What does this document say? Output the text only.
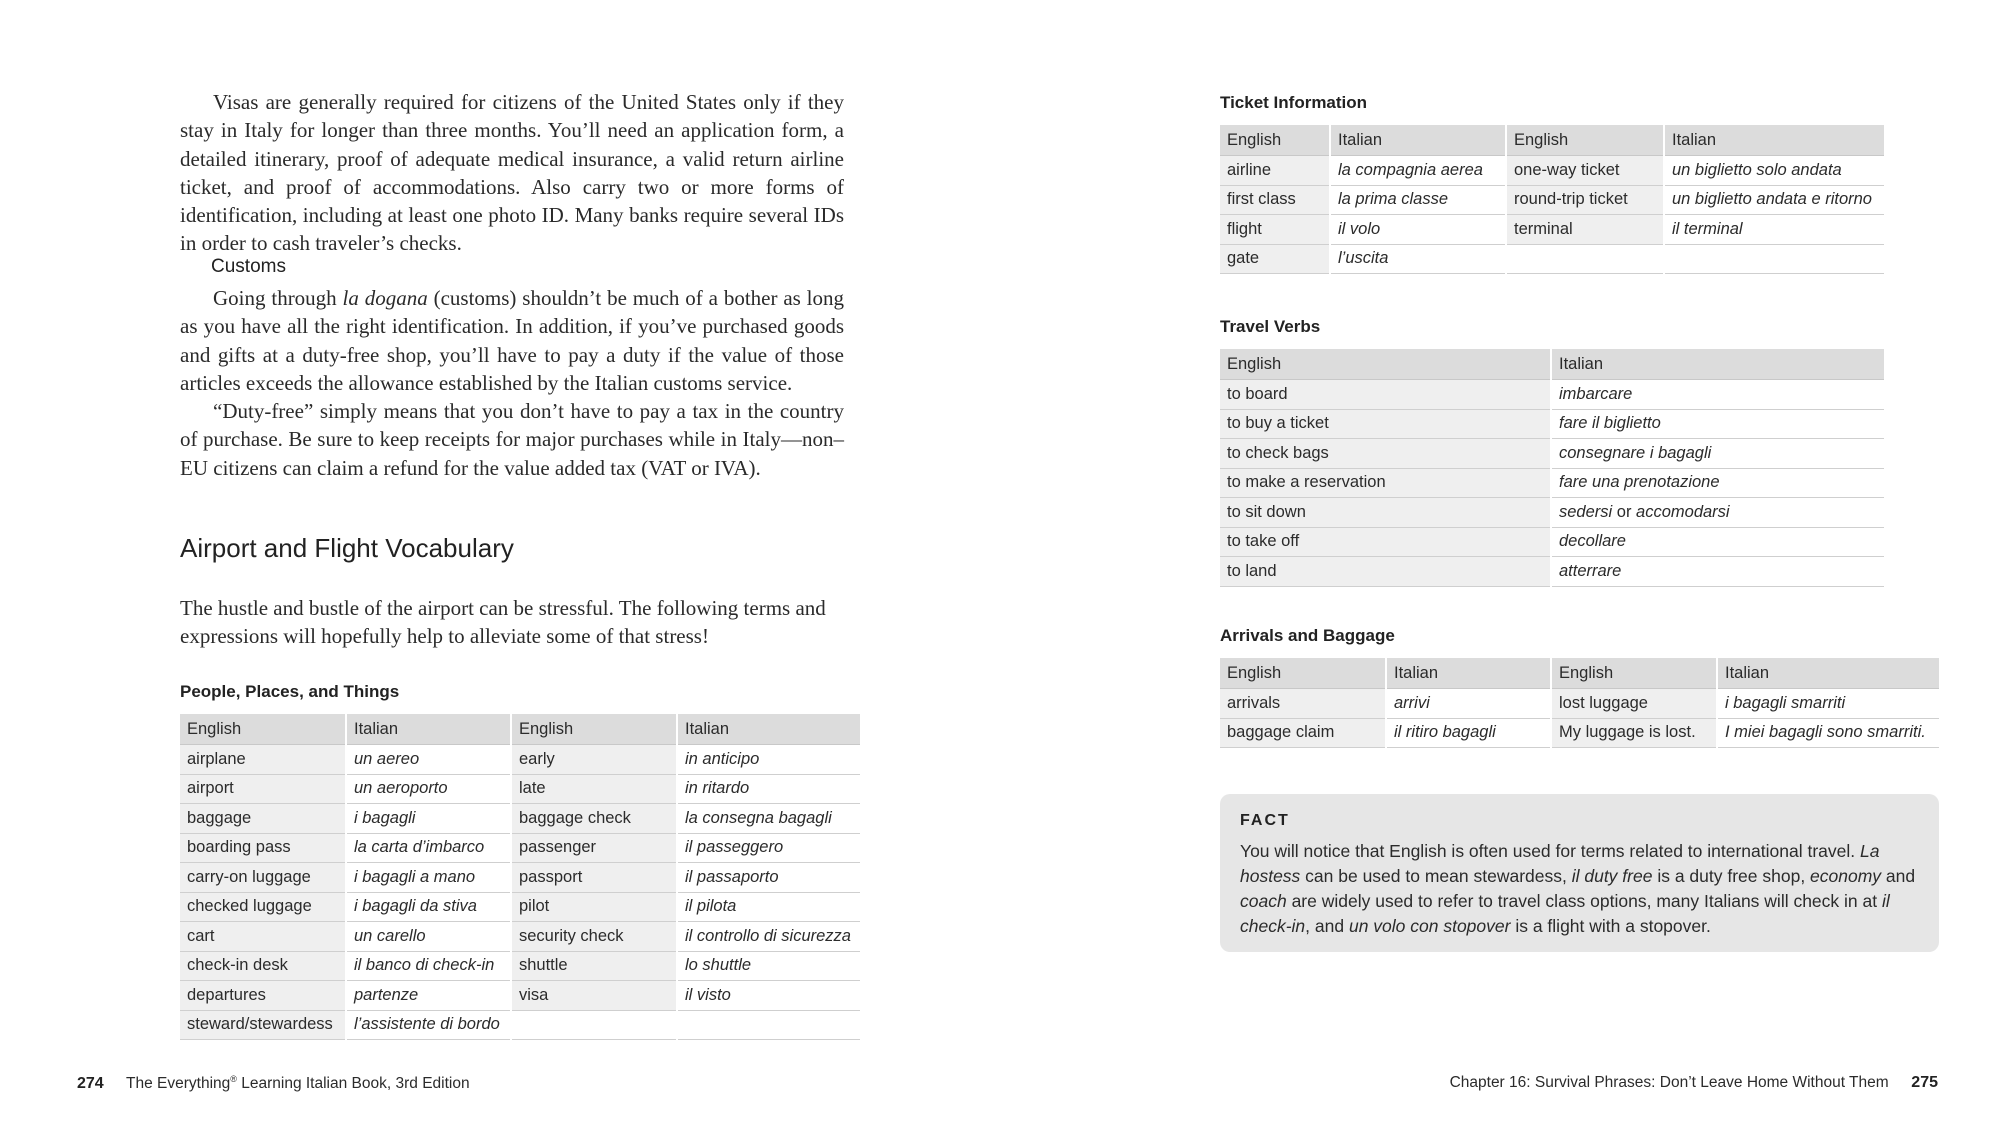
Visas are generally required for citizens of the United States only if they stay in Italy for longer than three months. You’ll need an application form, a detailed itinerary, proof of adequate medical insurance, a valid return airline ticket, and proof of accommodations. Also carry two or more forms of identification, including at least one photo ID. Many banks require several IDs in order to cash traveler’s checks.

Customs

Going through la dogana (customs) shouldn’t be much of a bother as long as you have all the right identification. In addition, if you’ve purchased goods and gifts at a duty-free shop, you’ll have to pay a duty if the value of those articles exceeds the allowance established by the Italian customs service.

“Duty-free” simply means that you don’t have to pay a tax in the country of purchase. Be sure to keep receipts for major purchases while in Italy—non–EU citizens can claim a refund for the value added tax (VAT or IVA).

Airport and Flight Vocabulary

The hustle and bustle of the airport can be stressful. The following terms and expressions will hopefully help to alleviate some of that stress!

People, Places, and Things
English	Italian	English	Italian
airplane	un aereo	early	in anticipo
airport	un aeroporto	late	in ritardo
baggage	i bagagli	baggage check	la consegna bagagli
boarding pass	la carta d’imbarco	passenger	il passeggero
carry-on luggage	i bagagli a mano	passport	il passaporto
checked luggage	i bagagli da stiva	pilot	il pilota
cart	un carello	security check	il controllo di sicurezza
check-in desk	il banco di check-in	shuttle	lo shuttle
departures	partenze	visa	il visto
steward/stewardess	l’assistente di bordo		
274 The Everything® Learning Italian Book, 3rd Edition
Ticket Information
English	Italian	English	Italian
airline	la compagnia aerea	one-way ticket	un biglietto solo andata
first class	la prima classe	round-trip ticket	un biglietto andata e ritorno
flight	il volo	terminal	il terminal
gate	l’uscita		
Travel Verbs
English	Italian
to board	imbarcare
to buy a ticket	fare il biglietto
to check bags	consegnare i bagagli
to make a reservation	fare una prenotazione
to sit down	sedersi or accomodarsi
to take off	decollare
to land	atterrare
Arrivals and Baggage
English	Italian	English	Italian
arrivals	arrivi	lost luggage	i bagagli smarriti
baggage claim	il ritiro bagagli	My luggage is lost.	I miei bagagli sono smarriti.
FACT
You will notice that English is often used for terms related to international travel. La hostess can be used to mean stewardess, il duty free is a duty free shop, economy and coach are widely used to refer to travel class options, many Italians will check in at il check-in, and un volo con stopover is a flight with a stopover.
Chapter 16: Survival Phrases: Don’t Leave Home Without Them 275
